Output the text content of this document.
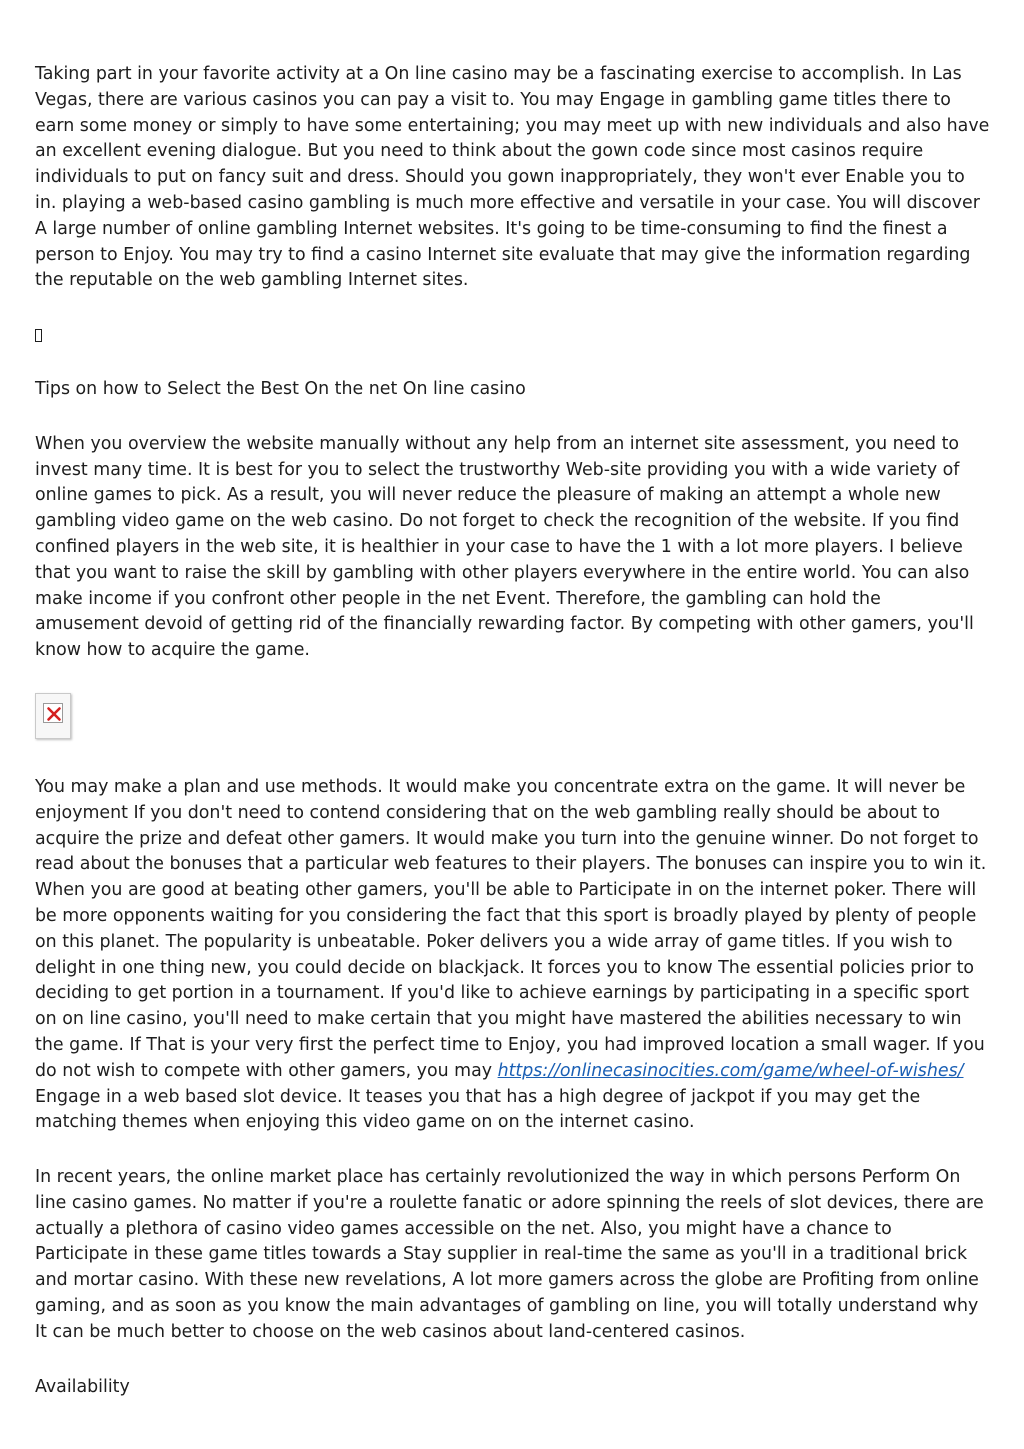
Taking part in your favorite activity at a On line casino may be a fascinating exercise to accomplish. In Las Vegas, there are various casinos you can pay a visit to. You may Engage in gambling game titles there to earn some money or simply to have some entertaining; you may meet up with new individuals and also have an excellent evening dialogue. But you need to think about the gown code since most casinos require individuals to put on fancy suit and dress. Should you gown inappropriately, they won't ever Enable you to in. playing a web-based casino gambling is much more effective and versatile in your case. You will discover A large number of online gambling Internet websites. It's going to be time-consuming to find the finest a person to Enjoy. You may try to find a casino Internet site evaluate that may give the information regarding the reputable on the web gambling Internet sites.

Tips on how to Select the Best On the net On line casino

When you overview the website manually without any help from an internet site assessment, you need to invest many time. It is best for you to select the trustworthy Web-site providing you with a wide variety of online games to pick. As a result, you will never reduce the pleasure of making an attempt a whole new gambling video game on the web casino. Do not forget to check the recognition of the website. If you find confined players in the web site, it is healthier in your case to have the 1 with a lot more players. I believe that you want to raise the skill by gambling with other players everywhere in the entire world. You can also make income if you confront other people in the net Event. Therefore, the gambling can hold the amusement devoid of getting rid of the financially rewarding factor. By competing with other gamers, you'll know how to acquire the game.

You may make a plan and use methods. It would make you concentrate extra on the game. It will never be enjoyment If you don't need to contend considering that on the web gambling really should be about to acquire the prize and defeat other gamers. It would make you turn into the genuine winner. Do not forget to read about the bonuses that a particular web features to their players. The bonuses can inspire you to win it. When you are good at beating other gamers, you'll be able to Participate in on the internet poker. There will be more opponents waiting for you considering the fact that this sport is broadly played by plenty of people on this planet. The popularity is unbeatable. Poker delivers you a wide array of game titles. If you wish to delight in one thing new, you could decide on blackjack. It forces you to know The essential policies prior to deciding to get portion in a tournament. If you'd like to achieve earnings by participating in a specific sport on on line casino, you'll need to make certain that you might have mastered the abilities necessary to win the game. If That is your very first the perfect time to Enjoy, you had improved location a small wager. If you do not wish to compete with other gamers, you may https://onlinecasinocities.com/game/wheel-of-wishes/ Engage in a web based slot device. It teases you that has a high degree of jackpot if you may get the matching themes when enjoying this video game on on the internet casino.

In recent years, the online market place has certainly revolutionized the way in which persons Perform On line casino games. No matter if you're a roulette fanatic or adore spinning the reels of slot devices, there are actually a plethora of casino video games accessible on the net. Also, you might have a chance to Participate in these game titles towards a Stay supplier in real-time the same as you'll in a traditional brick and mortar casino. With these new revelations, A lot more gamers across the globe are Profiting from online gaming, and as soon as you know the main advantages of gambling on line, you will totally understand why It can be much better to choose on the web casinos about land-centered casinos.

Availability
